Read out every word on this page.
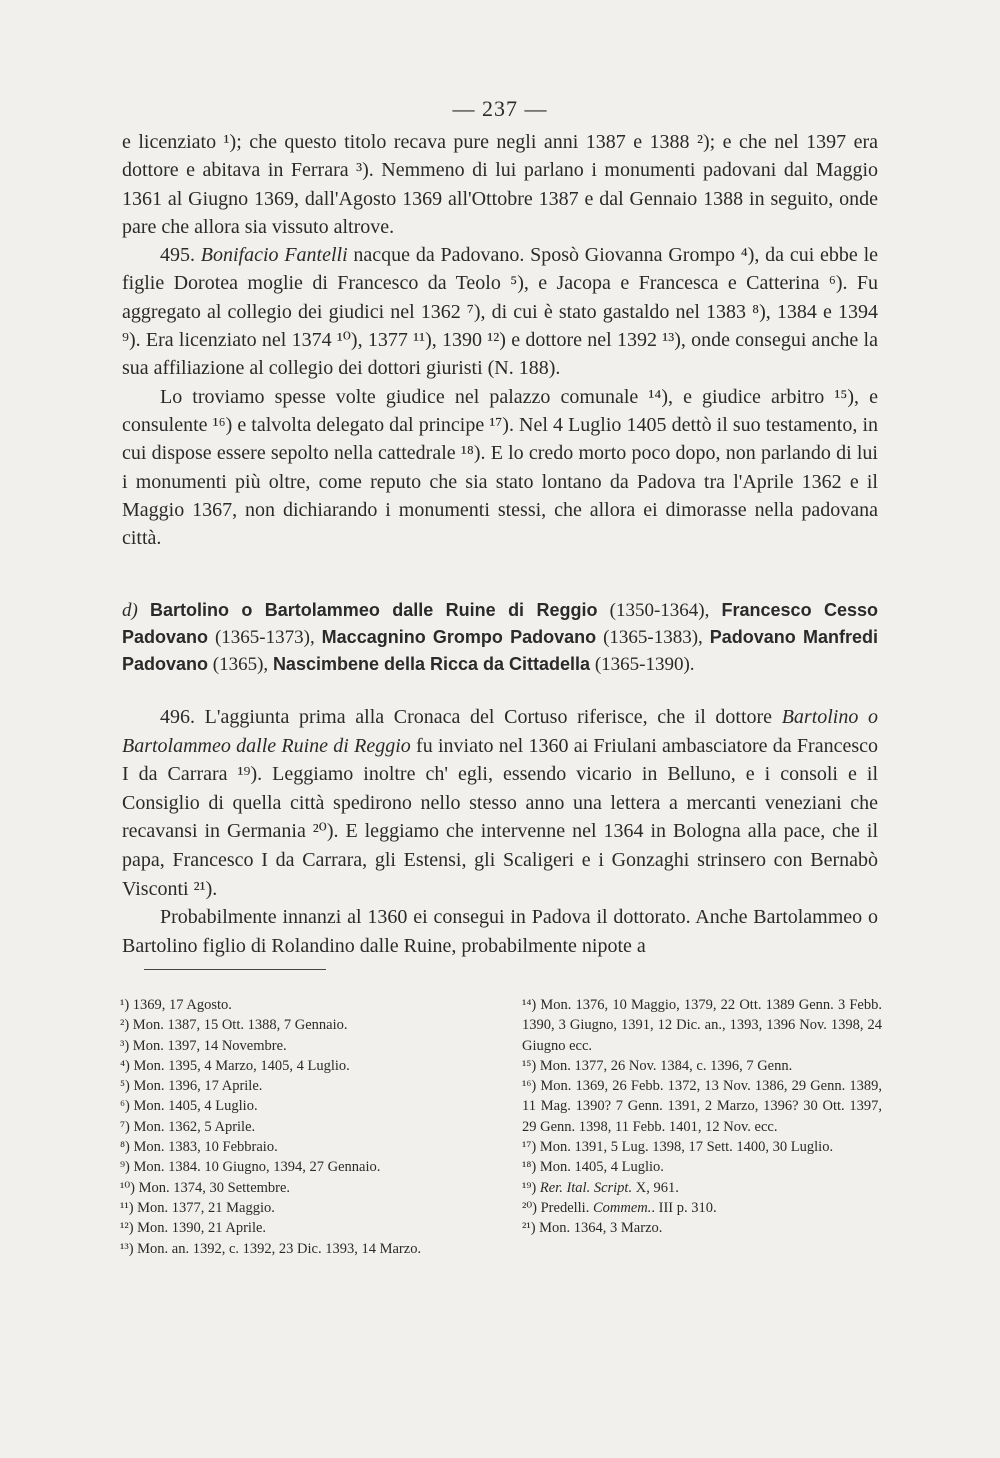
— 237 —

e licenziato ¹); che questo titolo recava pure negli anni 1387 e 1388 ²); e che nel 1397 era dottore e abitava in Ferrara ³). Nemmeno di lui parlano i monumenti padovani dal Maggio 1361 al Giugno 1369, dall'Agosto 1369 all'Ottobre 1387 e dal Gennaio 1388 in seguito, onde pare che allora sia vissuto altrove.

495. Bonifacio Fantelli nacque da Padovano. Sposò Giovanna Grompo ⁴), da cui ebbe le figlie Dorotea moglie di Francesco da Teolo ⁵), e Jacopa e Francesca e Catterina ⁶). Fu aggregato al collegio dei giudici nel 1362 ⁷), di cui è stato gastaldo nel 1383 ⁸), 1384 e 1394 ⁹). Era licenziato nel 1374 ¹⁰), 1377 ¹¹), 1390 ¹²) e dottore nel 1392 ¹³), onde consegui anche la sua affiliazione al collegio dei dottori giuristi (N. 188).

Lo troviamo spesse volte giudice nel palazzo comunale ¹⁴), e giudice arbitro ¹⁵), e consulente ¹⁶) e talvolta delegato dal principe ¹⁷). Nel 4 Luglio 1405 dettò il suo testamento, in cui dispose essere sepolto nella cattedrale ¹⁸). E lo credo morto poco dopo, non parlando di lui i monumenti più oltre, come reputo che sia stato lontano da Padova tra l'Aprile 1362 e il Maggio 1367, non dichiarando i monumenti stessi, che allora ei dimorasse nella padovana città.

d) Bartolino o Bartolammeo dalle Ruine di Reggio (1350-1364), Francesco Cesso Padovano (1365-1373), Maccagnino Grompo Padovano (1365-1383), Padovano Manfredi Padovano (1365), Nascimbene della Ricca da Cittadella (1365-1390).

496. L'aggiunta prima alla Cronaca del Cortuso riferisce, che il dottore Bartolino o Bartolammeo dalle Ruine di Reggio fu inviato nel 1360 ai Friulani ambasciatore da Francesco I da Carrara ¹⁹). Leggiamo inoltre ch' egli, essendo vicario in Belluno, e i consoli e il Consiglio di quella città spedirono nello stesso anno una lettera a mercanti veneziani che recavansi in Germania ²⁰). E leggiamo che intervenne nel 1364 in Bologna alla pace, che il papa, Francesco I da Carrara, gli Estensi, gli Scaligeri e i Gonzaghi strinsero con Bernabò Visconti ²¹).

Probabilmente innanzi al 1360 ei consegui in Padova il dottorato. Anche Bartolammeo o Bartolino figlio di Rolandino dalle Ruine, probabilmente nipote a

¹) 1369, 17 Agosto.

²) Mon. 1387, 15 Ott. 1388, 7 Gennaio.

³) Mon. 1397, 14 Novembre.

⁴) Mon. 1395, 4 Marzo, 1405, 4 Luglio.

⁵) Mon. 1396, 17 Aprile.

⁶) Mon. 1405, 4 Luglio.

⁷) Mon. 1362, 5 Aprile.

⁸) Mon. 1383, 10 Febbraio.

⁹) Mon. 1384. 10 Giugno, 1394, 27 Gennaio.

¹⁰) Mon. 1374, 30 Settembre.

¹¹) Mon. 1377, 21 Maggio.

¹²) Mon. 1390, 21 Aprile.

¹³) Mon. an. 1392, c. 1392, 23 Dic. 1393, 14 Marzo.

¹⁴) Mon. 1376, 10 Maggio, 1379, 22 Ott. 1389 Genn. 3 Febb. 1390, 3 Giugno, 1391, 12 Dic. an., 1393, 1396 Nov. 1398, 24 Giugno ecc.

¹⁵) Mon. 1377, 26 Nov. 1384, c. 1396, 7 Genn.

¹⁶) Mon. 1369, 26 Febb. 1372, 13 Nov. 1386, 29 Genn. 1389, 11 Mag. 1390? 7 Genn. 1391, 2 Marzo, 1396? 30 Ott. 1397, 29 Genn. 1398, 11 Febb. 1401, 12 Nov. ecc.

¹⁷) Mon. 1391, 5 Lug. 1398, 17 Sett. 1400, 30 Luglio.

¹⁸) Mon. 1405, 4 Luglio.

¹⁹) Rer. Ital. Script. X, 961.

²⁰) Predelli. Commem.. III p. 310.

²¹) Mon. 1364, 3 Marzo.
